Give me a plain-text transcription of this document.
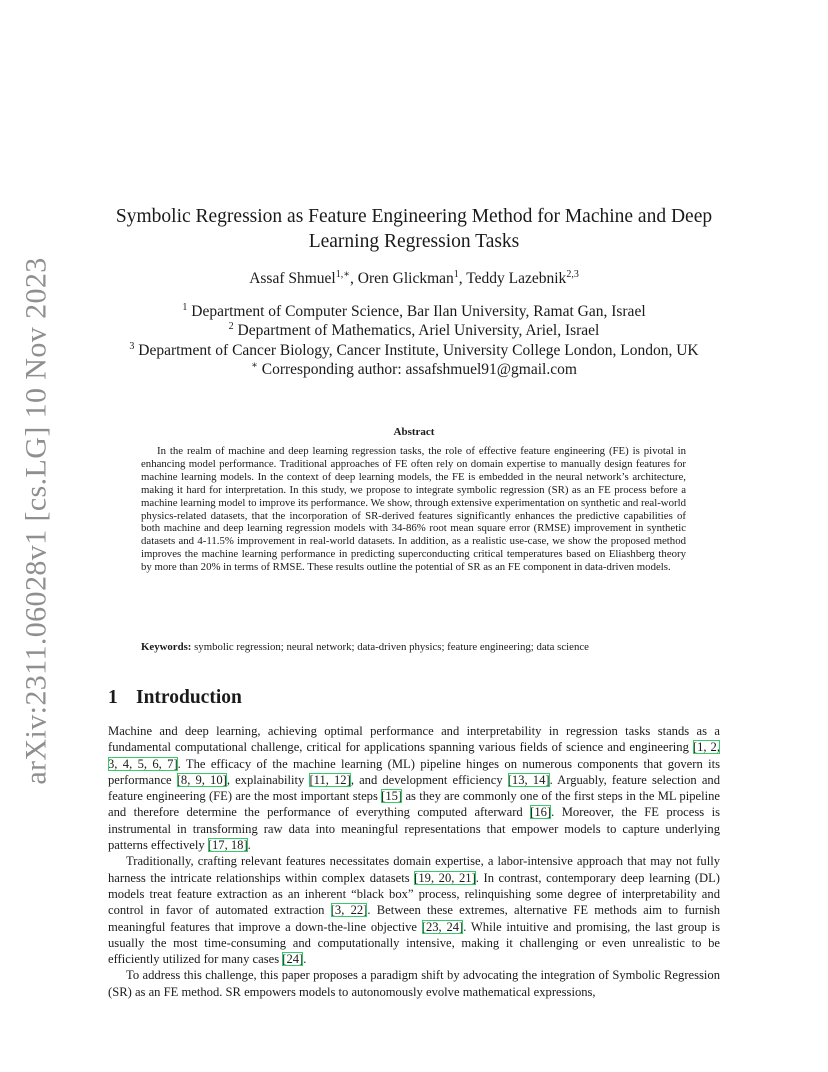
arXiv:2311.06028v1 [cs.LG] 10 Nov 2023
Symbolic Regression as Feature Engineering Method for Machine and Deep Learning Regression Tasks
Assaf Shmuel$^{1,∗}$, Oren Glickman$^1$, Teddy Lazebnik$^{2,3}$
$^1$ Department of Computer Science, Bar Ilan University, Ramat Gan, Israel
$^2$ Department of Mathematics, Ariel University, Ariel, Israel
$^3$ Department of Cancer Biology, Cancer Institute, University College London, London, UK
∗ Corresponding author: assafshmuel91@gmail.com
Abstract

In the realm of machine and deep learning regression tasks, the role of effective feature engineering (FE) is pivotal in enhancing model performance. Traditional approaches of FE often rely on domain expertise to manually design features for machine learning models. In the context of deep learning models, the FE is embedded in the neural network’s architecture, making it hard for interpretation. In this study, we propose to integrate symbolic regression (SR) as an FE process before a machine learning model to improve its performance. We show, through extensive experimentation on synthetic and real-world physics-related datasets, that the incorporation of SR-derived features significantly enhances the predictive capabilities of both machine and deep learning regression models with 34-86% root mean square error (RMSE) improvement in synthetic datasets and 4-11.5% improvement in real-world datasets. In addition, as a realistic use-case, we show the proposed method improves the machine learning performance in predicting superconducting critical temperatures based on Eliashberg theory by more than 20% in terms of RMSE. These results outline the potential of SR as an FE component in data-driven models.

Keywords: symbolic regression; neural network; data-driven physics; feature engineering; data science
1 Introduction

Machine and deep learning, achieving optimal performance and interpretability in regression tasks stands as a fundamental computational challenge, critical for applications spanning various fields of science and engineering [1, 2, 3, 4, 5, 6, 7]. The efficacy of the machine learning (ML) pipeline hinges on numerous components that govern its performance [8, 9, 10], explainability [11, 12], and development efficiency [13, 14]. Arguably, feature selection and feature engineering (FE) are the most important steps [15] as they are commonly one of the first steps in the ML pipeline and therefore determine the performance of everything computed afterward [16]. Moreover, the FE process is instrumental in transforming raw data into meaningful representations that empower models to capture underlying patterns effectively [17, 18].

Traditionally, crafting relevant features necessitates domain expertise, a labor-intensive approach that may not fully harness the intricate relationships within complex datasets [19, 20, 21]. In contrast, contemporary deep learning (DL) models treat feature extraction as an inherent “black box” process, relinquishing some degree of interpretability and control in favor of automated extraction [3, 22]. Between these extremes, alternative FE methods aim to furnish meaningful features that improve a down-the-line objective [23, 24]. While intuitive and promising, the last group is usually the most time-consuming and computationally intensive, making it challenging or even unrealistic to be efficiently utilized for many cases [24].

To address this challenge, this paper proposes a paradigm shift by advocating the integration of Symbolic Regression (SR) as an FE method. SR empowers models to autonomously evolve mathematical expressions,
